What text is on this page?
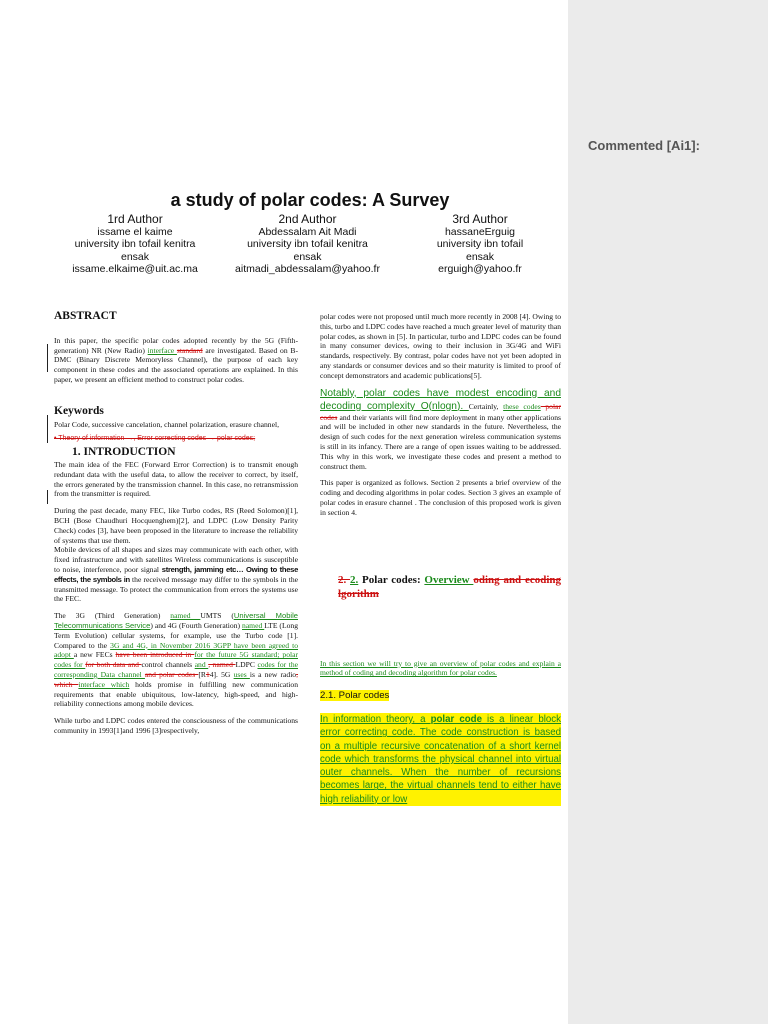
a study of polar codes: A Survey
1rd Author
issame el kaime
university ibn tofail kenitra
ensak
issame.elkaime@uit.ac.ma
2nd Author
Abdessalam Ait Madi
university ibn tofail kenitra
ensak
aitmadi_abdessalam@yahoo.fr
3rd Author
hassaneErguig
university ibn tofail
ensak
erguigh@yahoo.fr
ABSTRACT

In this paper, the specific polar codes adopted recently by the 5G (Fifth-generation) NR (New Radio) interface standard are investigated. Based on B-DMC (Binary Discrete Memoryless Channel), the purpose of each key component in these codes and the associated operations are explained. In this paper, we present an efficient method to construct polar codes.

Keywords

Polar Code, successive cancelation, channel polarization, erasure channel,

• Theory of information →, Error correcting codes → polar codes;

1. INTRODUCTION

The main idea of the FEC (Forward Error Correction) is to transmit enough redundant data with the useful data, to allow the receiver to correct, by itself, the errors generated by the transmission channel. In this case, no retransmission from the transmitter is required.

During the past decade, many FEC, like Turbo codes, RS (Reed Solomon)[1], BCH (Bose Chaudhuri Hocquenghem)[2], and LDPC (Low Density Parity Check) codes [3], have been proposed in the literature to increase the reliability of systems that use them.

Mobile devices of all shapes and sizes may communicate with each other, with fixed infrastructure and with satellites Wireless communications is susceptible to noise, interference, poor signal strength, jamming etc… Owing to these effects, the symbols in the received message may differ to the symbols in the transmitted message. To protect the communication from errors the systems use the FEC.

The 3G (Third Generation) named UMTS (Universal Mobile Telecommunications Service) and 4G (Fourth Generation) named LTE (Long Term Evolution) cellular systems, for example, use the Turbo code [1]. Compared to the 3G and 4G, in November 2016 3GPP have been agreed to adopt a new FECs have been introduced in for the future 5G standard; polar codes for for both data and control channels and , named LDPC codes for the corresponding Data channel and polar codes [R14]. 5G uses is a new radio, which interface which holds promise in fulfilling new communication requirements that enable ubiquitous, low-latency, high-speed, and high-reliability connections among mobile devices.

While turbo and LDPC codes entered the consciousness of the communications community in 1993[1]and 1996 [3]respectively,

polar codes were not proposed until much more recently in 2008 [4]. Owing to this, turbo and LDPC codes have reached a much greater level of maturity than polar codes, as shown in [5]. In particular, turbo and LDPC codes can be found in many consumer devices, owing to their inclusion in 3G/4G and WiFi standards, respectively. By contrast, polar codes have not yet been adopted in any standards or consumer devices and so their maturity is limited to proof of concept demonstrators and academic publications[5].

Notably, polar codes have modest encoding and decoding complexity O(nlogn). Certainly, these codes polar codes and their variants will find more deployment in many other applications and will be included in other new standards in the future. Nevertheless, the design of such codes for the next generation wireless communication systems is still in its infancy. There are a range of open issues waiting to be addressed. This why in this work, we investigate these codes and present a method to construct them.

This paper is organized as follows. Section 2 presents a brief overview of the coding and decoding algorithms in polar codes. Section 3 gives an example of polar codes in erasure channel . The conclusion of this proposed work is given in section 4.

2. 2. Polar codes: Overview oding and ecoding lgorithm

In this section we will try to give an overview of polar codes and explain a method of coding and decoding algorithm for polar codes.

2.1. Polar codes

In information theory, a polar code is a linear block error correcting code. The code construction is based on a multiple recursive concatenation of a short kernel code which transforms the physical channel into virtual outer channels. When the number of recursions becomes large, the virtual channels tend to either have high reliability or low

Commented [Ai1]:
